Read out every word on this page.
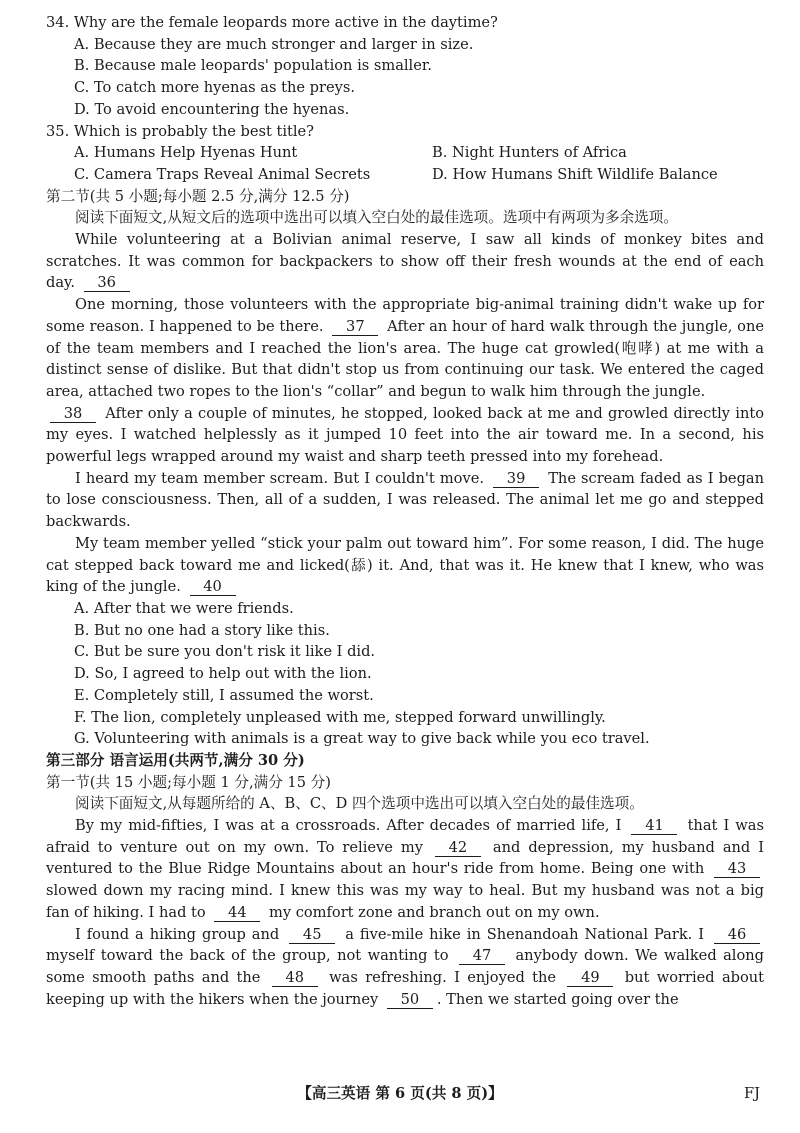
34. Why are the female leopards more active in the daytime?

A. Because they are much stronger and larger in size.

B. Because male leopards' population is smaller.

C. To catch more hyenas as the preys.

D. To avoid encountering the hyenas.

35. Which is probably the best title?

A. Humans Help Hyenas Hunt	B. Night Hunters of Africa
C. Camera Traps Reveal Animal Secrets	D. How Humans Shift Wildlife Balance

第二节(共 5 小题;每小题 2.5 分,满分 12.5 分)

阅读下面短文,从短文后的选项中选出可以填入空白处的最佳选项。选项中有两项为多余选项。

While volunteering at a Bolivian animal reserve, I saw all kinds of monkey bites and scratches. It was common for backpackers to show off their fresh wounds at the end of each day. 36

One morning, those volunteers with the appropriate big-animal training didn't wake up for some reason. I happened to be there. 37 After an hour of hard walk through the jungle, one of the team members and I reached the lion's area. The huge cat growled(咆哮) at me with a distinct sense of dislike. But that didn't stop us from continuing our task. We entered the caged area, attached two ropes to the lion's “collar” and begun to walk him through the jungle.

38 After only a couple of minutes, he stopped, looked back at me and growled directly into my eyes. I watched helplessly as it jumped 10 feet into the air toward me. In a second, his powerful legs wrapped around my waist and sharp teeth pressed into my forehead.

I heard my team member scream. But I couldn't move. 39 The scream faded as I began to lose consciousness. Then, all of a sudden, I was released. The animal let me go and stepped backwards.

My team member yelled “stick your palm out toward him”. For some reason, I did. The huge cat stepped back toward me and licked(舔) it. And, that was it. He knew that I knew, who was king of the jungle. 40

A. After that we were friends.

B. But no one had a story like this.

C. But be sure you don't risk it like I did.

D. So, I agreed to help out with the lion.

E. Completely still, I assumed the worst.

F. The lion, completely unpleased with me, stepped forward unwillingly.

G. Volunteering with animals is a great way to give back while you eco travel.

第三部分 语言运用(共两节,满分 30 分)

第一节(共 15 小题;每小题 1 分,满分 15 分)

阅读下面短文,从每题所给的 A、B、C、D 四个选项中选出可以填入空白处的最佳选项。

By my mid-fifties, I was at a crossroads. After decades of married life, I 41 that I was afraid to venture out on my own. To relieve my 42 and depression, my husband and I ventured to the Blue Ridge Mountains about an hour's ride from home. Being one with 43 slowed down my racing mind. I knew this was my way to heal. But my husband was not a big fan of hiking. I had to 44 my comfort zone and branch out on my own.

I found a hiking group and 45 a five-mile hike in Shenandoah National Park. I 46 myself toward the back of the group, not wanting to 47 anybody down. We walked along some smooth paths and the 48 was refreshing. I enjoyed the 49 but worried about keeping up with the hikers when the journey 50 . Then we started going over the

【高三英语 第 6 页(共 8 页)】	FJ
